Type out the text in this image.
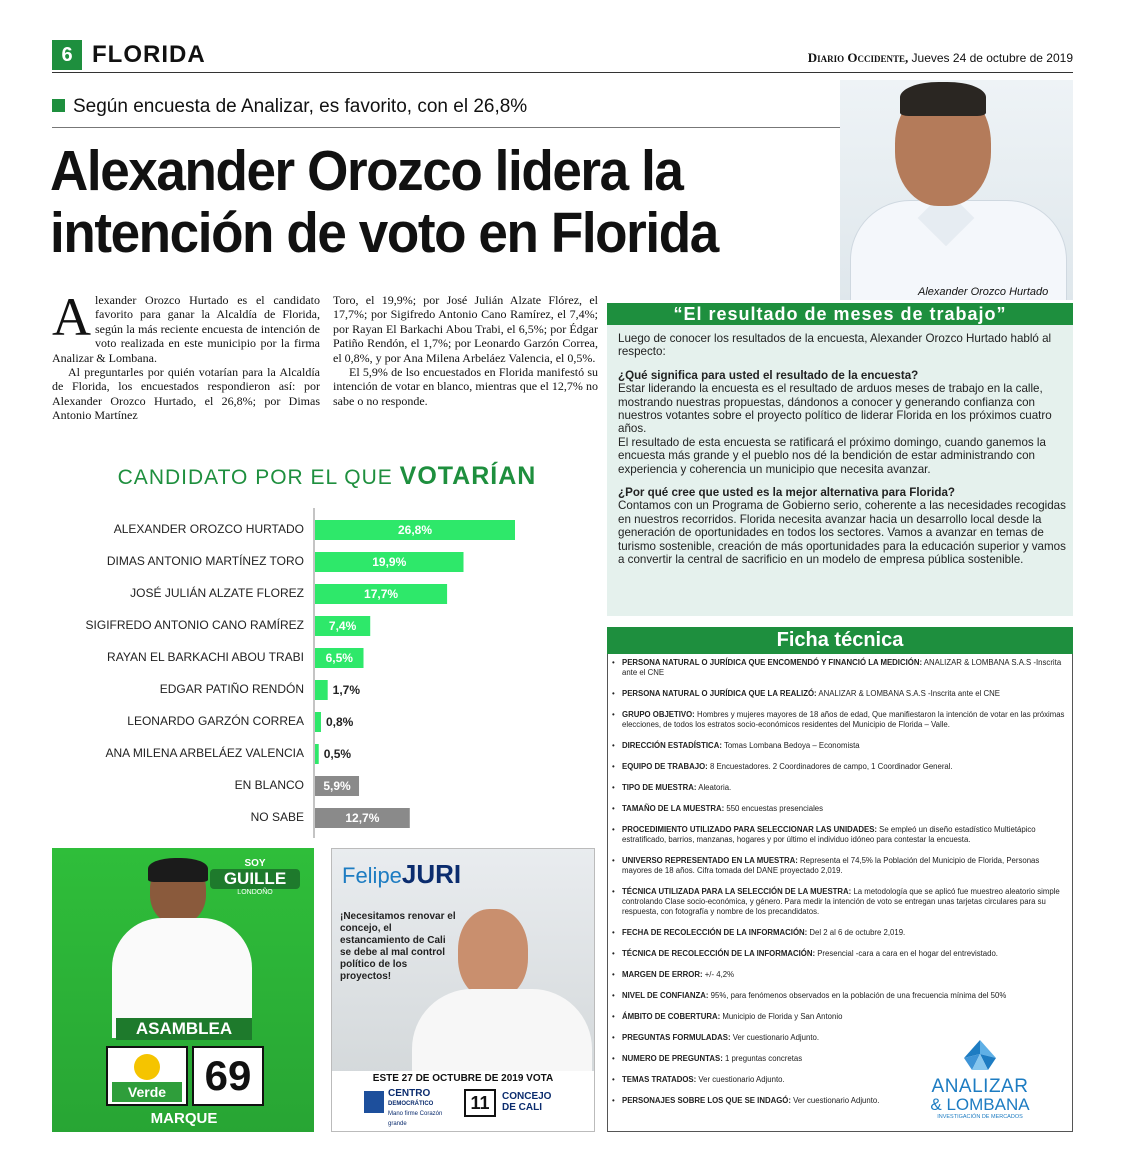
6 FLORIDA	Diario Occidente, Jueves 24 de octubre de 2019
Según encuesta de Analizar, es favorito, con el 26,8%
Alexander Orozco lidera la
intención de voto en Florida
Alexander Orozco Hurtado

Alexander Orozco Hurtado es el candidato favorito para ganar la Alcaldía de Florida, según la más reciente encuesta de intención de voto realizada en este municipio por la firma Analizar & Lombana.

Al preguntarles por quién votarían para la Alcaldía de Florida, los encuestados respondieron así: por Alexander Orozco Hurtado, el 26,8%; por Dimas Antonio Martínez

Toro, el 19,9%; por José Julián Alzate Flórez, el 17,7%; por Sigifredo Antonio Cano Ramírez, el 7,4%; por Rayan El Barkachi Abou Trabi, el 6,5%; por Édgar Patiño Rendón, el 1,7%; por Leonardo Garzón Correa, el 0,8%, y por Ana Milena Arbeláez Valencia, el 0,5%.

El 5,9% de lso encuestados en Florida manifestó su intención de votar en blanco, mientras que el 12,7% no sabe o no responde.

CANDIDATO POR EL QUE VOTARÍAN
ALEXANDER OROZCO HURTADO	26,8%
DIMAS ANTONIO MARTÍNEZ TORO	19,9%
JOSÉ JULIÁN ALZATE FLOREZ	17,7%
SIGIFREDO ANTONIO CANO RAMÍREZ 7,4%
RAYAN EL BARKACHI ABOU TRABI 6,5%
EDGAR PATIÑO RENDÓN 1,7%
LEONARDO GARZÓN CORREA 0,8%
ANA MILENA ARBELÁEZ VALENCIA 0,5%
EN BLANCO 5,9%
NO SABE	12,7%
“El resultado de meses de trabajo”

Luego de conocer los resultados de la encuesta, Alexander Orozco Hurtado habló al respecto:

¿Qué significa para usted el resultado de la encuesta?

Estar liderando la encuesta es el resultado de arduos meses de trabajo en la calle, mostrando nuestras propuestas, dándonos a conocer y generando confianza con nuestros votantes sobre el proyecto político de liderar Florida en los próximos cuatro años.

El resultado de esta encuesta se ratificará el próximo domingo, cuando ganemos la encuesta más grande y el pueblo nos dé la bendición de estar administrando con experiencia y coherencia un municipio que necesita avanzar.

¿Por qué cree que usted es la mejor alternativa para Florida?

Contamos con un Programa de Gobierno serio, coherente a las necesidades recogidas en nuestros recorridos. Florida necesita avanzar hacia un desarrollo local desde la generación de oportunidades en todos los sectores. Vamos a avanzar en temas de turismo sostenible, creación de más oportunidades para la educación superior y vamos a convertir la central de sacrificio en un modelo de empresa pública sostenible.

Ficha técnica
• PERSONA NATURAL O JURÍDICA QUE ENCOMENDÓ Y FINANCIÓ LA MEDICIÓN: ANALIZAR & LOMBANA S.A.S -Inscrita ante el CNE
• PERSONA NATURAL O JURÍDICA QUE LA REALIZÓ: ANALIZAR & LOMBANA S.A.S -Inscrita ante el CNE
• GRUPO OBJETIVO: Hombres y mujeres mayores de 18 años de edad, Que manifiestaron la intención de votar en las próximas elecciones, de todos los estratos socio-económicos residentes del Municipio de Florida – Valle.
• DIRECCIÓN ESTADÍSTICA: Tomas Lombana Bedoya – Economista
• EQUIPO DE TRABAJO: 8 Encuestadores. 2 Coordinadores de campo, 1 Coordinador General.
• TIPO DE MUESTRA: Aleatoria.
• TAMAÑO DE LA MUESTRA: 550 encuestas presenciales
• PROCEDIMIENTO UTILIZADO PARA SELECCIONAR LAS UNIDADES: Se empleó un diseño estadístico Multietápico estratificado, barrios, manzanas, hogares y por último el individuo idóneo para contestar la encuesta.
• UNIVERSO REPRESENTADO EN LA MUESTRA: Representa el 74,5% la Población del Municipio de Florida, Personas mayores de 18 años. Cifra tomada del DANE proyectado 2,019.
• TÉCNICA UTILIZADA PARA LA SELECCIÓN DE LA MUESTRA: La metodología que se aplicó fue muestreo aleatorio simple controlando Clase socio-económica, y género. Para medir la intención de voto se entregan unas tarjetas circulares para su respuesta, con fotografía y nombre de los precandidatos.
• FECHA DE RECOLECCIÓN DE LA INFORMACIÓN: Del 2 al 6 de octubre 2,019.
• TÉCNICA DE RECOLECCIÓN DE LA INFORMACIÓN: Presencial -cara a cara en el hogar del entrevistado.
• MARGEN DE ERROR: +/- 4,2%
• NIVEL DE CONFIANZA: 95%, para fenómenos observados en la población de una frecuencia mínima del 50%
• ÁMBITO DE COBERTURA: Municipio de Florida y San Antonio
• PREGUNTAS FORMULADAS: Ver cuestionario Adjunto.
• NUMERO DE PREGUNTAS: 1 preguntas concretas
• TEMAS TRATADOS: Ver cuestionario Adjunto.
• PERSONAJES SOBRE LOS QUE SE INDAGÓ: Ver cuestionario Adjunto.
ANALIZAR
& LOMBANA
INVESTIGACIÓN DE MERCADOS
SOY
GUILLE
LONDOÑO
ASAMBLEA
Verde 69
MARQUE
FelipeJURI
¡Necesitamos renovar el concejo, el estancamiento de Cali se debe al mal control político de los proyectos!
ESTE 27 DE OCTUBRE DE 2019 VOTA
CENTRO
DEMOCRÁTICO
Mano firme Corazón grande
11	CONCEJO
DE CALI
